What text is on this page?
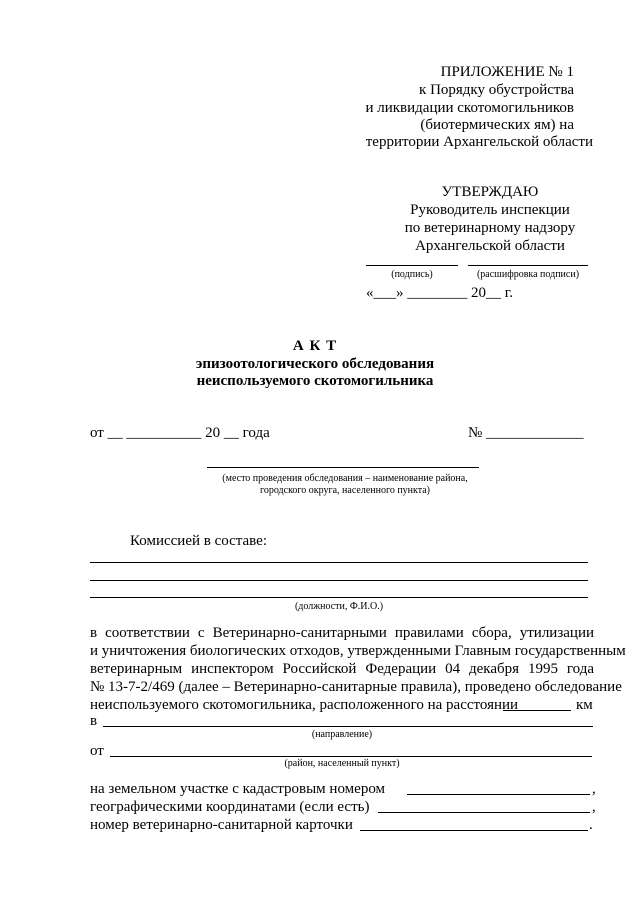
ПРИЛОЖЕНИЕ № 1
к Порядку обустройства
и ликвидации скотомогильников
(биотермических ям) на
территории Архангельской области
УТВЕРЖДАЮ
Руководитель инспекции
по ветеринарному надзору
Архангельской области
(подпись)	(расшифровка подписи)
«___» ________ 20__ г.
А К Т
эпизоотологического обследования
неиспользуемого скотомогильника
от __ __________ 20 __ года	№ _____________
(место проведения обследования – наименование района,
городского округа, населенного пункта)
Комиссией в составе:
(должности, Ф.И.О.)
в соответствии с Ветеринарно-санитарными правилами сбора, утилизации
и уничтожения биологических отходов, утвержденными Главным государственным
ветеринарным инспектором Российской Федерации 04 декабря 1995 года
№ 13-7-2/469 (далее – Ветеринарно-санитарные правила), проведено обследование
неиспользуемого скотомогильника, расположенного на расстоянии	км
в
(направление)
от
(район, населенный пункт)
на земельном участке с кадастровым номером	,
географическими координатами (если есть)	,
номер ветеринарно-санитарной карточки	.
